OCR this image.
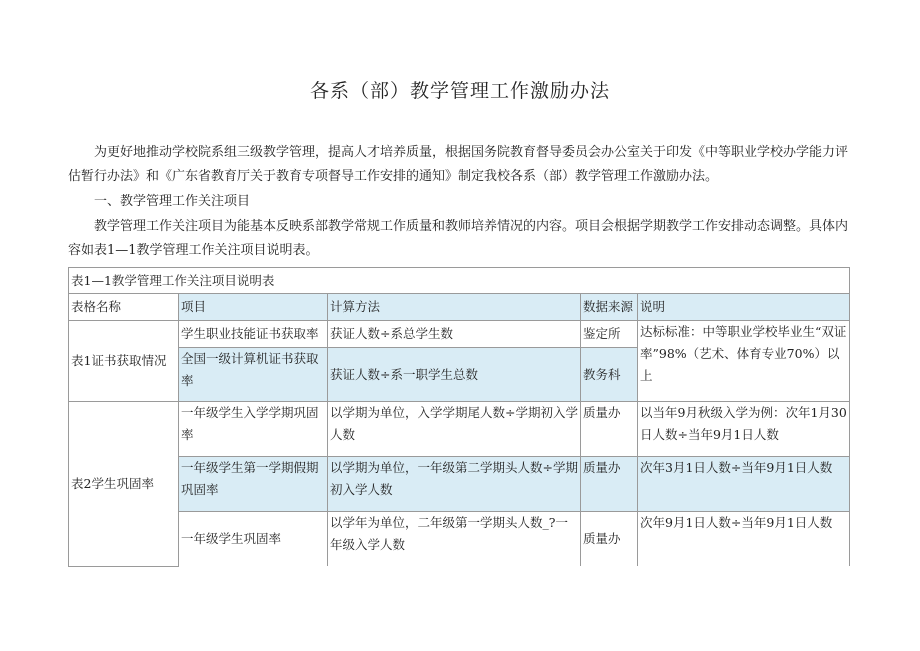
各系（部）教学管理工作激励办法
为更好地推动学校院系组三级教学管理，提高人才培养质量，根据国务院教育督导委员会办公室关于印发《中等职业学校办学能力评估暂行办法》和《广东省教育厅关于教育专项督导工作安排的通知》制定我校各系（部）教学管理工作激励办法。
一、教学管理工作关注项目
教学管理工作关注项目为能基本反映系部教学常规工作质量和教师培养情况的内容。项目会根据学期教学工作安排动态调整。具体内容如表1—1教学管理工作关注项目说明表。
表1—1教学管理工作关注项目说明表				
表格名称	项目	计算方法	数据来源	说明
表1证书获取情况	学生职业技能证书获取率	获证人数÷系总学生数	鉴定所	达标标准：中等职业学校毕业生“双证率”98%（艺术、体育专业70%）以上
	全国一级计算机证书获取率	获证人数÷系一职学生总数	教务科	
表2学生巩固率	一年级学生入学学期巩固率	以学期为单位，入学学期尾人数÷学期初入学人数	质量办	以当年9月秋级入学为例：次年1月30日人数÷当年9月1日人数
	一年级学生第一学期假期巩固率	以学期为单位，一年级第二学期头人数÷学期初入学人数	质量办	次年3月1日人数÷当年9月1日人数
	一年级学生巩固率	以学年为单位，二年级第一学期头人数_?一年级入学人数	质量办	次年9月1日人数÷当年9月1日人数
